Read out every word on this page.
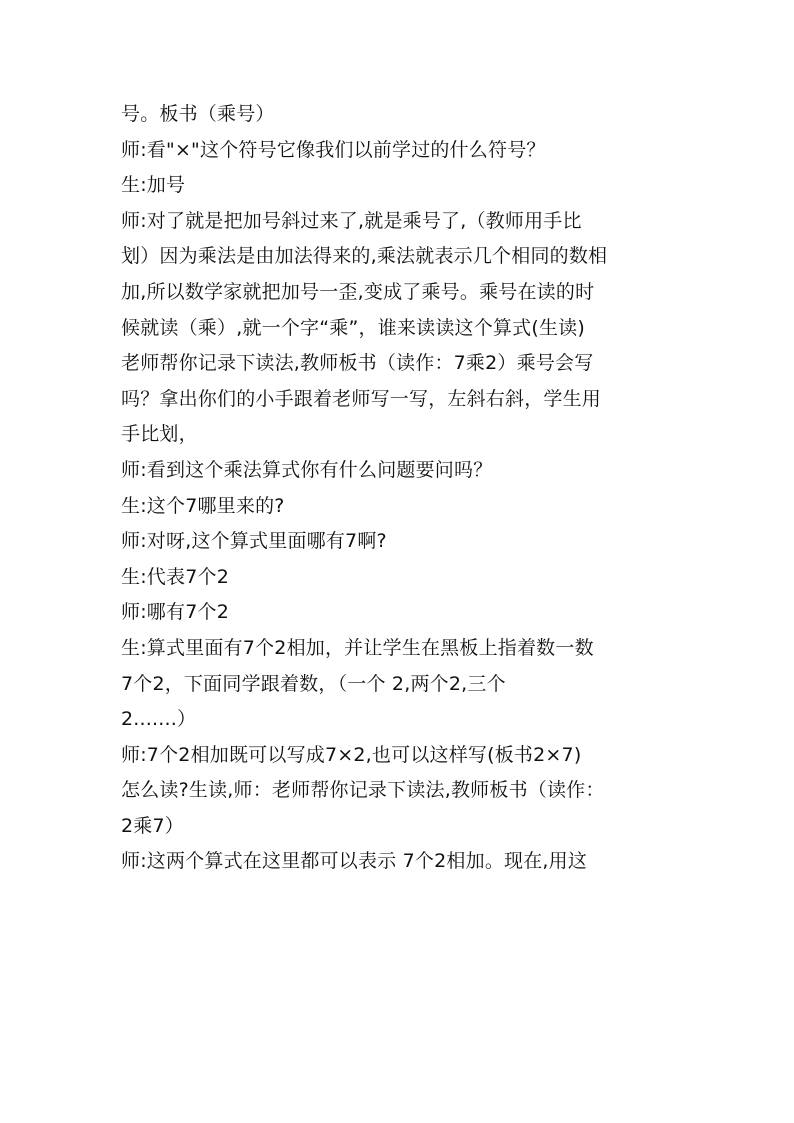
号。板书（乘号）
师:看"×"这个符号它像我们以前学过的什么符号？
生:加号
师:对了就是把加号斜过来了,就是乘号了,（教师用手比
划）因为乘法是由加法得来的,乘法就表示几个相同的数相
加,所以数学家就把加号一歪,变成了乘号。乘号在读的时
候就读（乘）,就一个字“乘”，谁来读读这个算式(生读)
老师帮你记录下读法,教师板书（读作：7乘2）乘号会写
吗？拿出你们的小手跟着老师写一写，左斜右斜，学生用
手比划，
师:看到这个乘法算式你有什么问题要问吗？
生:这个7哪里来的?
师:对呀,这个算式里面哪有7啊?
生:代表7个2
师:哪有7个2
生:算式里面有7个2相加，并让学生在黑板上指着数一数
7个2，下面同学跟着数，（一个 2,两个2,三个
2.......）
师:7个2相加既可以写成7×2,也可以这样写(板书2×7)
怎么读?生读,师：老师帮你记录下读法,教师板书（读作：
2乘7）
师:这两个算式在这里都可以表示 7个2相加。现在,用这
